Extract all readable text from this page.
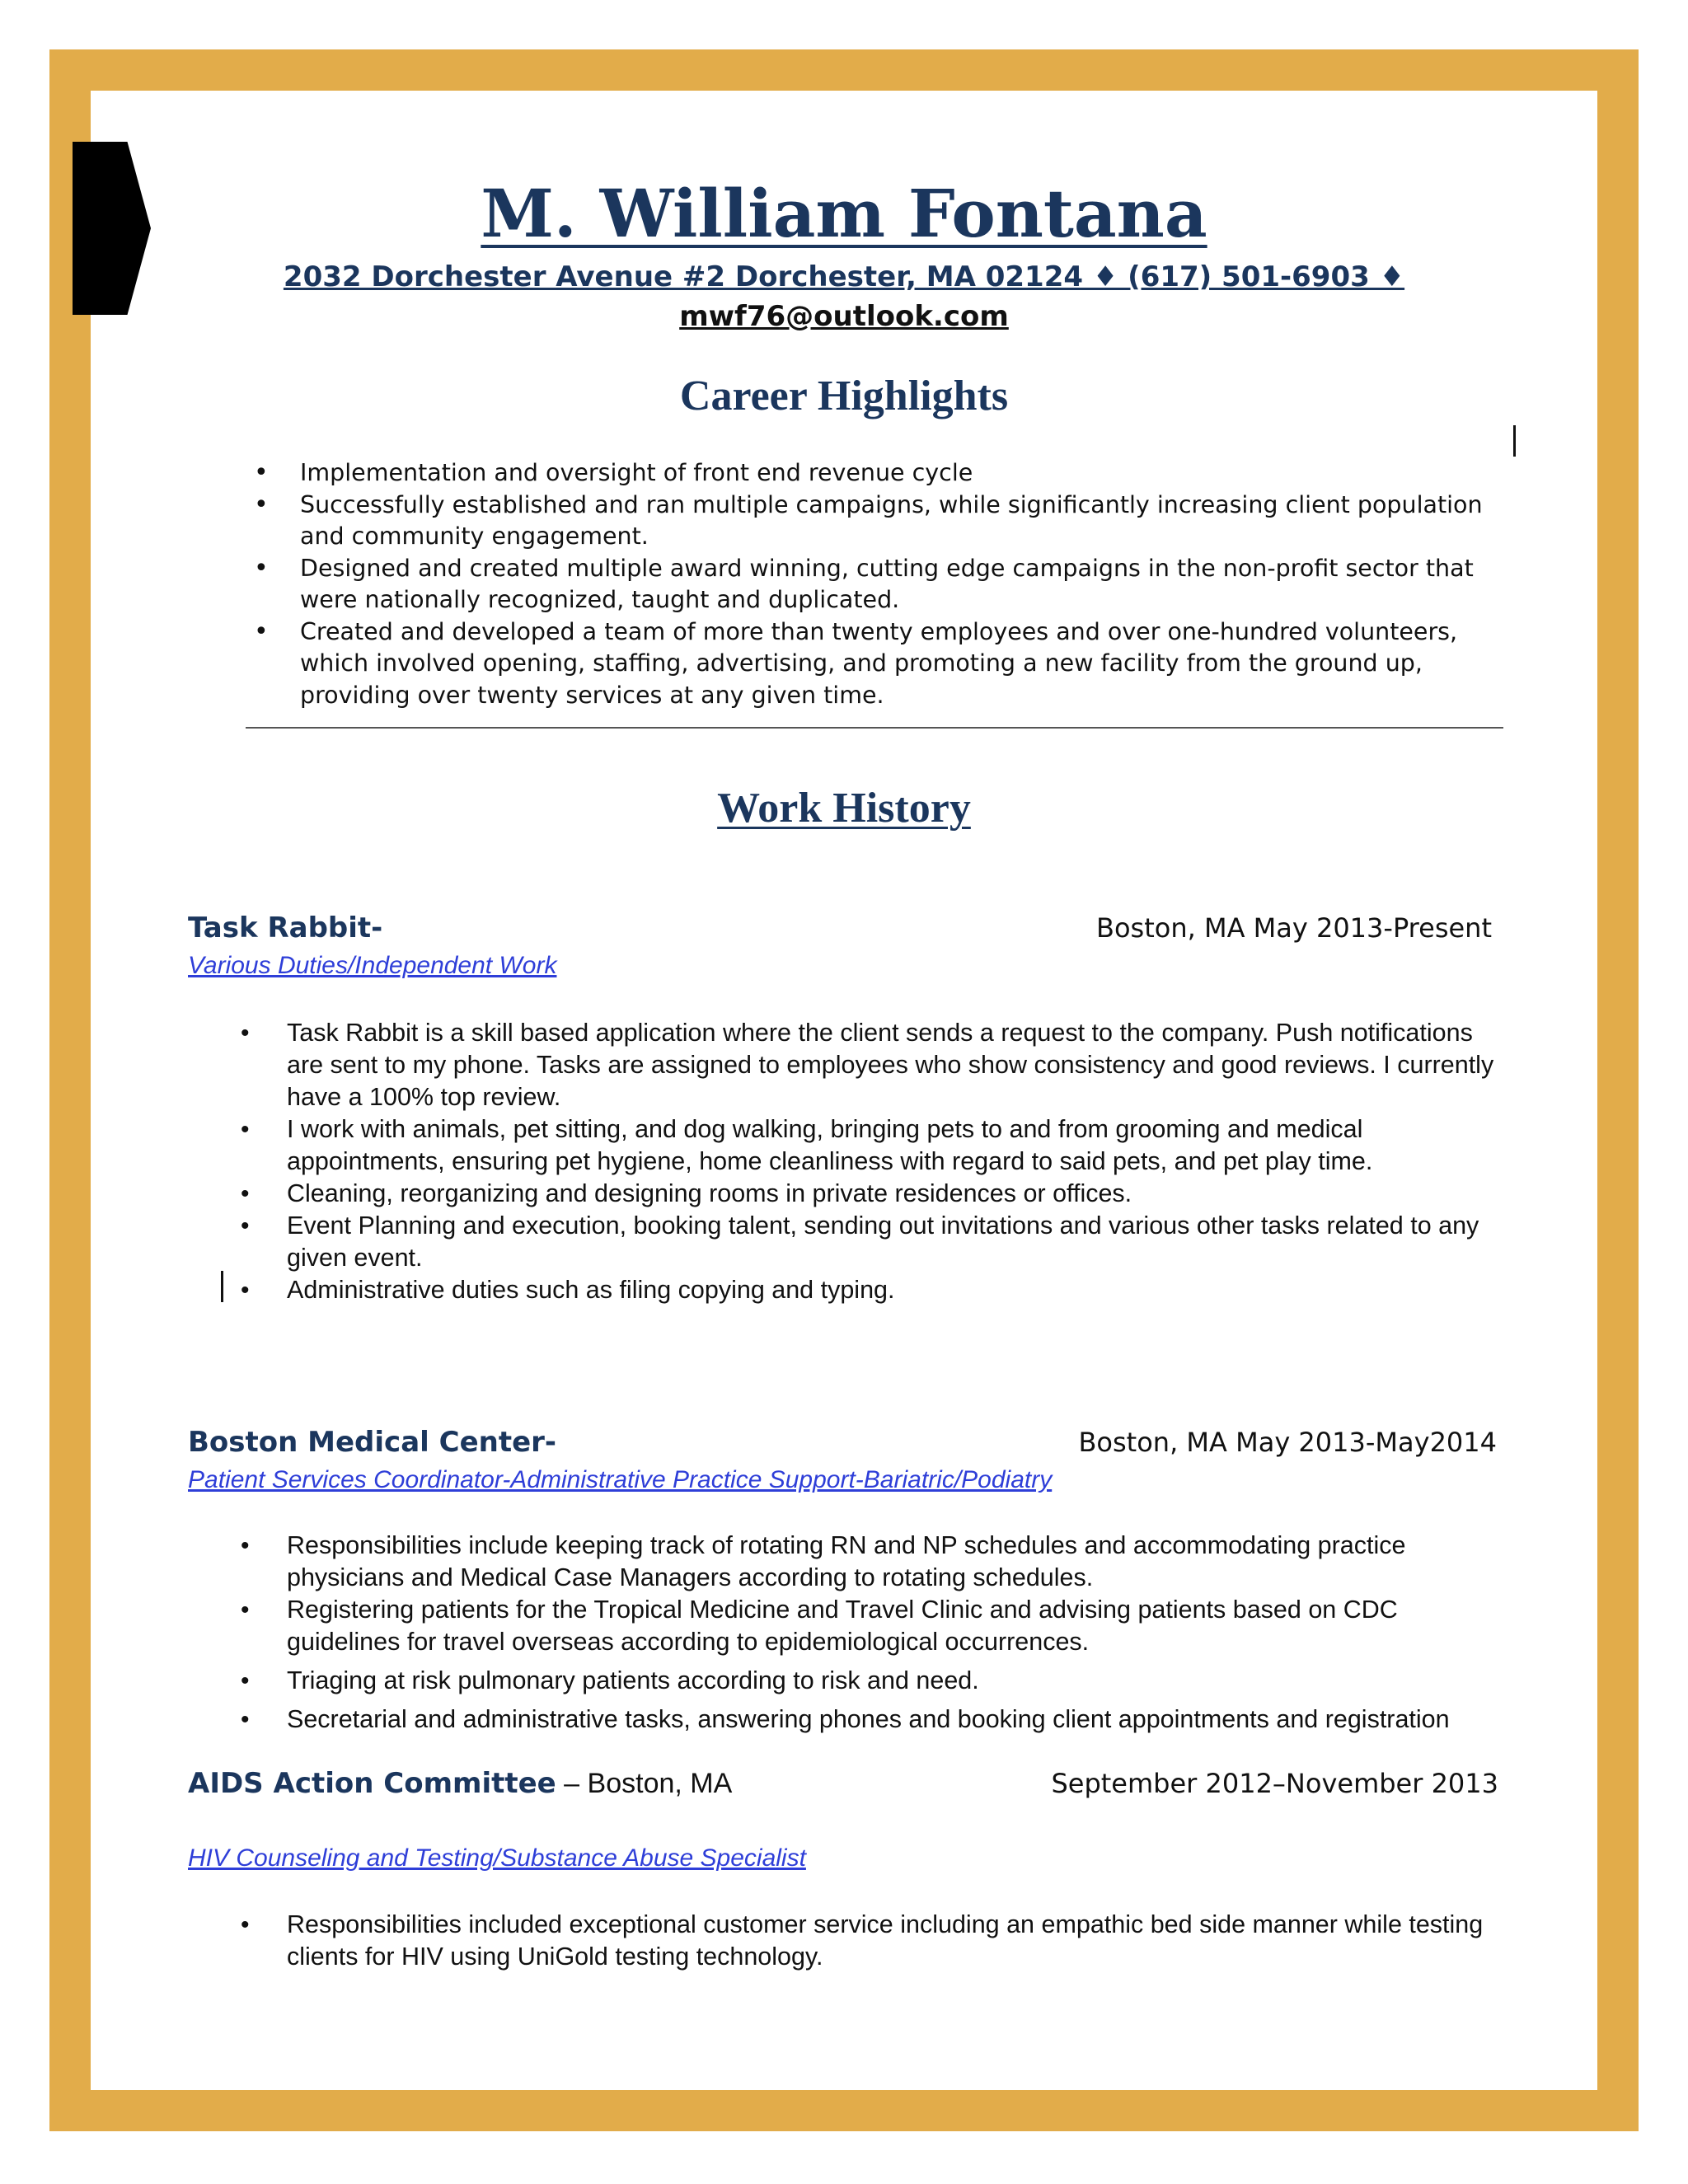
M. William Fontana
2032 Dorchester Avenue #2 Dorchester, MA 02124 ♦ (617) 501-6903 ♦
mwf76@outlook.com
Career Highlights
• Implementation and oversight of front end revenue cycle
• Successfully established and ran multiple campaigns, while significantly increasing client population and community engagement.
• Designed and created multiple award winning, cutting edge campaigns in the non-profit sector that were nationally recognized, taught and duplicated.
• Created and developed a team of more than twenty employees and over one-hundred volunteers, which involved opening, staffing, advertising, and promoting a new facility from the ground up, providing over twenty services at any given time.
Work History
Task Rabbit-	Boston, MA May 2013-Present
Various Duties/Independent Work
• Task Rabbit is a skill based application where the client sends a request to the company. Push notifications are sent to my phone. Tasks are assigned to employees who show consistency and good reviews. I currently have a 100% top review.
• I work with animals, pet sitting, and dog walking, bringing pets to and from grooming and medical appointments, ensuring pet hygiene, home cleanliness with regard to said pets, and pet play time.
• Cleaning, reorganizing and designing rooms in private residences or offices.
• Event Planning and execution, booking talent, sending out invitations and various other tasks related to any given event.
• Administrative duties such as filing copying and typing.
Boston Medical Center-	Boston, MA May 2013-May2014
Patient Services Coordinator-Administrative Practice Support-Bariatric/Podiatry
• Responsibilities include keeping track of rotating RN and NP schedules and accommodating practice physicians and Medical Case Managers according to rotating schedules.
• Registering patients for the Tropical Medicine and Travel Clinic and advising patients based on CDC guidelines for travel overseas according to epidemiological occurrences.
• Triaging at risk pulmonary patients according to risk and need.
• Secretarial and administrative tasks, answering phones and booking client appointments and registration
AIDS Action Committee – Boston, MA	September 2012–November 2013
HIV Counseling and Testing/Substance Abuse Specialist
• Responsibilities included exceptional customer service including an empathic bed side manner while testing clients for HIV using UniGold testing technology.
